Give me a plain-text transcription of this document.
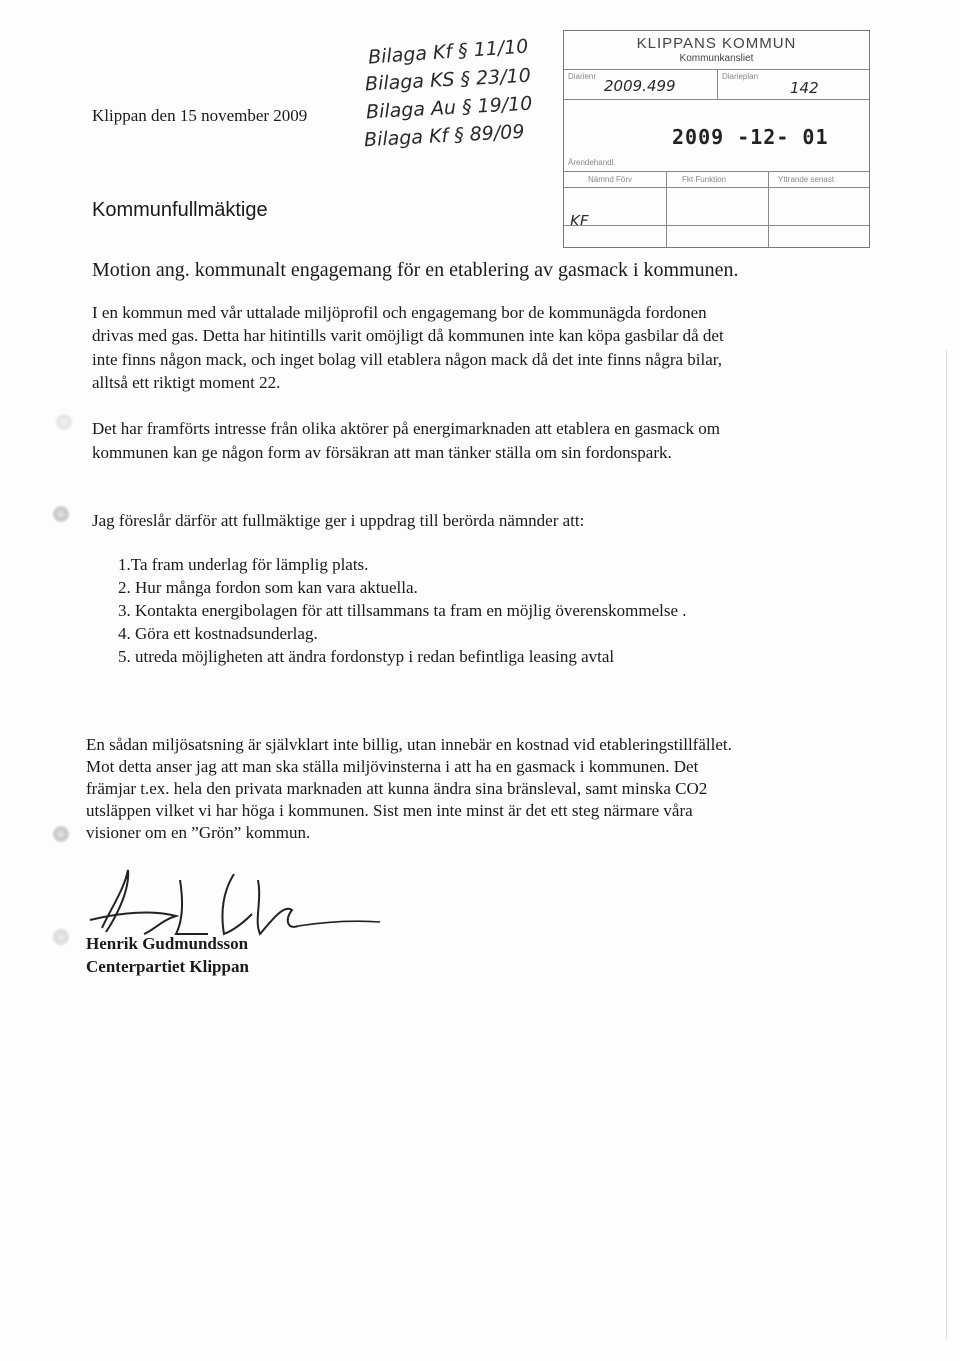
Klippan den 15 november 2009
Kommunfullmäktige
Bilaga Kf § 11/10
Bilaga KS § 23/10
Bilaga Au § 19/10
Bilaga Kf § 89/09
KLIPPANS KOMMUN
Kommunkansliet
Diarienr
2009.499
Diarieplan
142
2009 -12- 01
Ärendehandl.
Nämnd Förv	Fkt Funktion	Yttrande senast
KF
Motion ang. kommunalt engagemang för en etablering av gasmack i kommunen.
I en kommun med vår uttalade miljöprofil och engagemang bor de kommunägda fordonen
drivas med gas. Detta har hitintills varit omöjligt då kommunen inte kan köpa gasbilar då det
inte finns någon mack, och inget bolag vill etablera någon mack då det inte finns några bilar,
alltså ett riktigt moment 22.
Det har framförts intresse från olika aktörer på energimarknaden att etablera en gasmack om
kommunen kan ge någon form av försäkran att man tänker ställa om sin fordonspark.
Jag föreslår därför att fullmäktige ger i uppdrag till berörda nämnder att:
1.Ta fram underlag för lämplig plats.
2. Hur många fordon som kan vara aktuella.
3. Kontakta energibolagen för att tillsammans ta fram en möjlig överenskommelse .
4. Göra ett kostnadsunderlag.
5. utreda möjligheten att ändra fordonstyp i redan befintliga leasing avtal
En sådan miljösatsning är självklart inte billig, utan innebär en kostnad vid etableringstillfället.
Mot detta anser jag att man ska ställa miljövinsterna i att ha en gasmack i kommunen. Det
främjar t.ex. hela den privata marknaden att kunna ändra sina bränsleval, samt minska CO2
utsläppen vilket vi har höga i kommunen. Sist men inte minst är det ett steg närmare våra
visioner om en ”Grön” kommun.
Henrik Gudmundsson
Centerpartiet Klippan
